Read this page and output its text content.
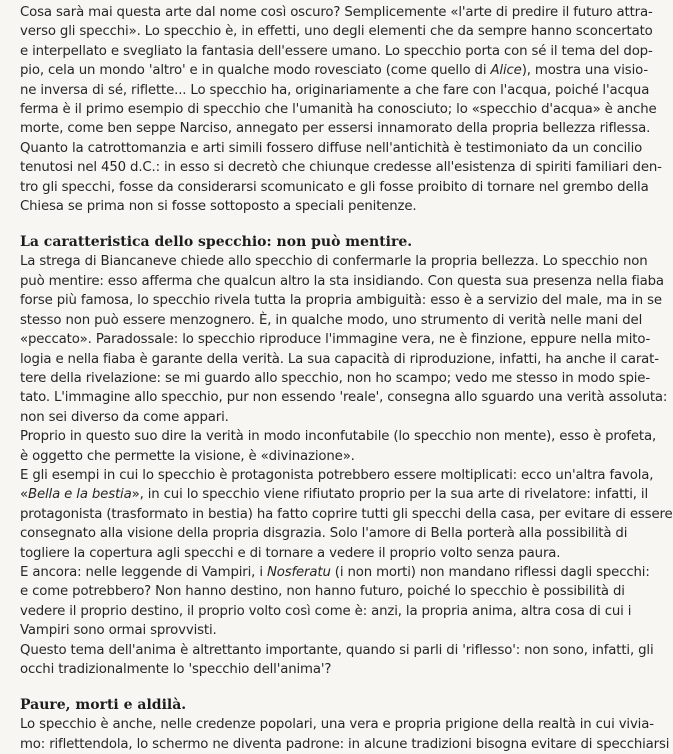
Cosa sarà mai questa arte dal nome così oscuro? Semplicemente «l'arte di predire il futuro attra-
verso gli specchi». Lo specchio è, in effetti, uno degli elementi che da sempre hanno sconcertato
e interpellato e svegliato la fantasia dell'essere umano. Lo specchio porta con sé il tema del dop-
pio, cela un mondo 'altro' e in qualche modo rovesciato (come quello di Alice), mostra una visio-
ne inversa di sé, riflette... Lo specchio ha, originariamente a che fare con l'acqua, poiché l'acqua
ferma è il primo esempio di specchio che l'umanità ha conosciuto; lo «specchio d'acqua» è anche
morte, come ben seppe Narciso, annegato per essersi innamorato della propria bellezza riflessa.
Quanto la catrottomanzia e arti simili fossero diffuse nell'antichità è testimoniato da un concilio
tenutosi nel 450 d.C.: in esso si decretò che chiunque credesse all'esistenza di spiriti familiari den-
tro gli specchi, fosse da considerarsi scomunicato e gli fosse proibito di tornare nel grembo della
Chiesa se prima non si fosse sottoposto a speciali penitenze.
La caratteristica dello specchio: non può mentire.
La strega di Biancaneve chiede allo specchio di confermarle la propria bellezza. Lo specchio non
può mentire: esso afferma che qualcun altro la sta insidiando. Con questa sua presenza nella fiaba
forse più famosa, lo specchio rivela tutta la propria ambiguità: esso è a servizio del male, ma in se
stesso non può essere menzognero. È, in qualche modo, uno strumento di verità nelle mani del
«peccato». Paradossale: lo specchio riproduce l'immagine vera, ne è finzione, eppure nella mito-
logia e nella fiaba è garante della verità. La sua capacità di riproduzione, infatti, ha anche il carat-
tere della rivelazione: se mi guardo allo specchio, non ho scampo; vedo me stesso in modo spie-
tato. L'immagine allo specchio, pur non essendo 'reale', consegna allo sguardo una verità assoluta:
non sei diverso da come appari.
Proprio in questo suo dire la verità in modo inconfutabile (lo specchio non mente), esso è profeta,
è oggetto che permette la visione, è «divinazione».
E gli esempi in cui lo specchio è protagonista potrebbero essere moltiplicati: ecco un'altra favola,
«Bella e la bestia», in cui lo specchio viene rifiutato proprio per la sua arte di rivelatore: infatti, il
protagonista (trasformato in bestia) ha fatto coprire tutti gli specchi della casa, per evitare di essere
consegnato alla visione della propria disgrazia. Solo l'amore di Bella porterà alla possibilità di
togliere la copertura agli specchi e di tornare a vedere il proprio volto senza paura.
E ancora: nelle leggende di Vampiri, i Nosferatu (i non morti) non mandano riflessi dagli specchi:
e come potrebbero? Non hanno destino, non hanno futuro, poiché lo specchio è possibilità di
vedere il proprio destino, il proprio volto così come è: anzi, la propria anima, altra cosa di cui i
Vampiri sono ormai sprovvisti.
Questo tema dell'anima è altrettanto importante, quando si parli di 'riflesso': non sono, infatti, gli
occhi tradizionalmente lo 'specchio dell'anima'?
Paure, morti e aldilà.
Lo specchio è anche, nelle credenze popolari, una vera e propria prigione della realtà in cui vivia-
mo: riflettendola, lo schermo ne diventa padrone: in alcune tradizioni bisogna evitare di specchiarsi
